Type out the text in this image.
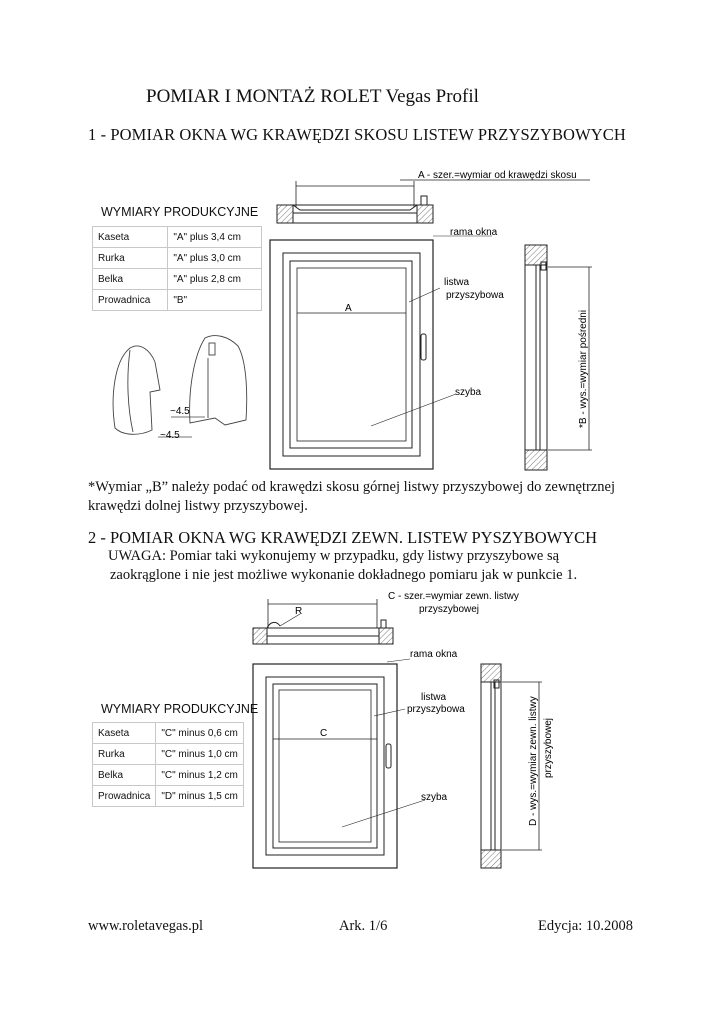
POMIAR I MONTAŻ ROLET Vegas Profil
1 - POMIAR OKNA WG KRAWĘDZI SKOSU LISTEW PRZYSZYBOWYCH
WYMIARY PRODUKCYJNE
Kaseta	"A" plus 3,4 cm
Rurka	"A" plus 3,0 cm
Belka	"A" plus 2,8 cm
Prowadnica	"B"
A - szer.=wymiar od krawędzi skosu
A
rama okna
listwa
przyszybowa
szyba	*B - wys.=wymiar pośredni
~4.5
~4.5
C - szer.=wymiar zewn. listwy
przyszybowej
R
C
rama okna
listwa
przyszybowa
szyba	D - wys.=wymiar zewn. listwy przyszybowej
*Wymiar „B” należy podać od krawędzi skosu górnej listwy przyszybowej do zewnętrznej krawędzi dolnej listwy przyszybowej.
2 - POMIAR OKNA WG KRAWĘDZI ZEWN. LISTEW PYSZYBOWYCH
UWAGA: Pomiar taki wykonujemy w przypadku, gdy listwy przyszybowe są
zaokrąglone i nie jest możliwe wykonanie dokładnego pomiaru jak w punkcie 1.
WYMIARY PRODUKCYJNE
Kaseta	"C" minus 0,6 cm
Rurka	"C" minus 1,0 cm
Belka	"C" minus 1,2 cm
Prowadnica	"D" minus 1,5 cm
www.roletavegas.pl	Ark. 1/6	Edycja: 10.2008
